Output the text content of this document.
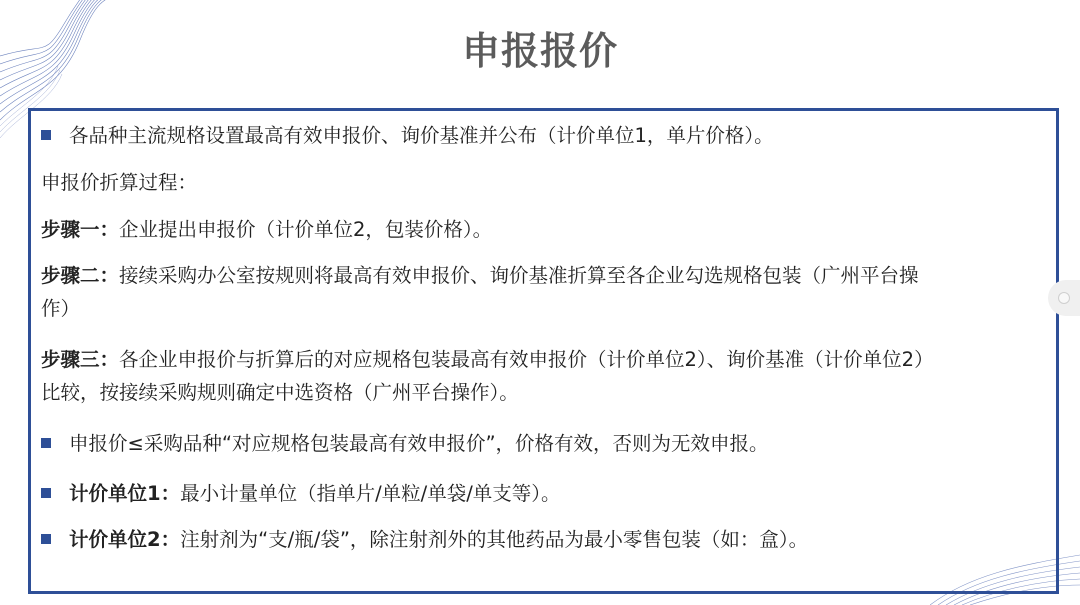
申报报价
各品种主流规格设置最高有效申报价、询价基准并公布（计价单位1，单片价格）。
申报价折算过程：
步骤一：企业提出申报价（计价单位2，包装价格）。
步骤二：接续采购办公室按规则将最高有效申报价、询价基准折算至各企业勾选规格包装（广州平台操
作）
步骤三：各企业申报价与折算后的对应规格包装最高有效申报价（计价单位2）、询价基准（计价单位2）
比较，按接续采购规则确定中选资格（广州平台操作）。
申报价≤采购品种“对应规格包装最高有效申报价”，价格有效，否则为无效申报。
计价单位1：最小计量单位（指单片/单粒/单袋/单支等）。
计价单位2：注射剂为“支/瓶/袋”，除注射剂外的其他药品为最小零售包装（如：盒）。
